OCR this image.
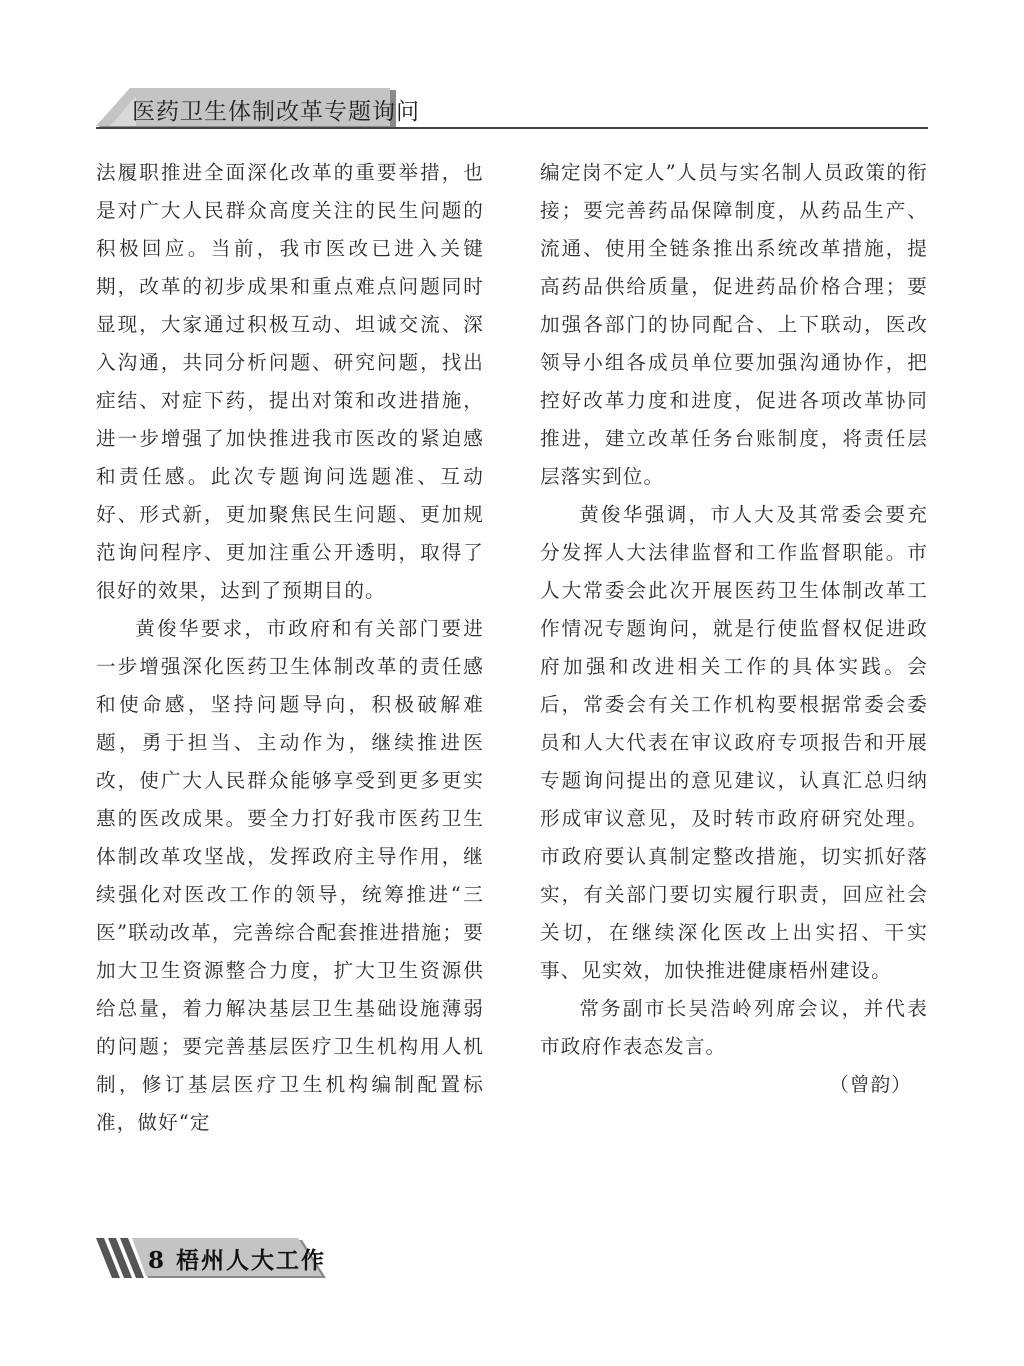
医药卫生体制改革专题询问

法履职推进全面深化改革的重要举措，也是对广大人民群众高度关注的民生问题的积极回应。当前，我市医改已进入关键期，改革的初步成果和重点难点问题同时显现，大家通过积极互动、坦诚交流、深入沟通，共同分析问题、研究问题，找出症结、对症下药，提出对策和改进措施，进一步增强了加快推进我市医改的紧迫感和责任感。此次专题询问选题准、互动好、形式新，更加聚焦民生问题、更加规范询问程序、更加注重公开透明，取得了很好的效果，达到了预期目的。

黄俊华要求，市政府和有关部门要进一步增强深化医药卫生体制改革的责任感和使命感，坚持问题导向，积极破解难题，勇于担当、主动作为，继续推进医改，使广大人民群众能够享受到更多更实惠的医改成果。要全力打好我市医药卫生体制改革攻坚战，发挥政府主导作用，继续强化对医改工作的领导，统筹推进“三医”联动改革，完善综合配套推进措施；要加大卫生资源整合力度，扩大卫生资源供给总量，着力解决基层卫生基础设施薄弱的问题；要完善基层医疗卫生机构用人机制，修订基层医疗卫生机构编制配置标准，做好“定

编定岗不定人”人员与实名制人员政策的衔接；要完善药品保障制度，从药品生产、流通、使用全链条推出系统改革措施，提高药品供给质量，促进药品价格合理；要加强各部门的协同配合、上下联动，医改领导小组各成员单位要加强沟通协作，把控好改革力度和进度，促进各项改革协同推进，建立改革任务台账制度，将责任层层落实到位。

黄俊华强调，市人大及其常委会要充分发挥人大法律监督和工作监督职能。市人大常委会此次开展医药卫生体制改革工作情况专题询问，就是行使监督权促进政府加强和改进相关工作的具体实践。会后，常委会有关工作机构要根据常委会委员和人大代表在审议政府专项报告和开展专题询问提出的意见建议，认真汇总归纳形成审议意见，及时转市政府研究处理。市政府要认真制定整改措施，切实抓好落实，有关部门要切实履行职责，回应社会关切，在继续深化医改上出实招、干实事、见实效，加快推进健康梧州建设。

常务副市长吴浩岭列席会议，并代表市政府作表态发言。

（曾韵）

8 梧州人大工作
